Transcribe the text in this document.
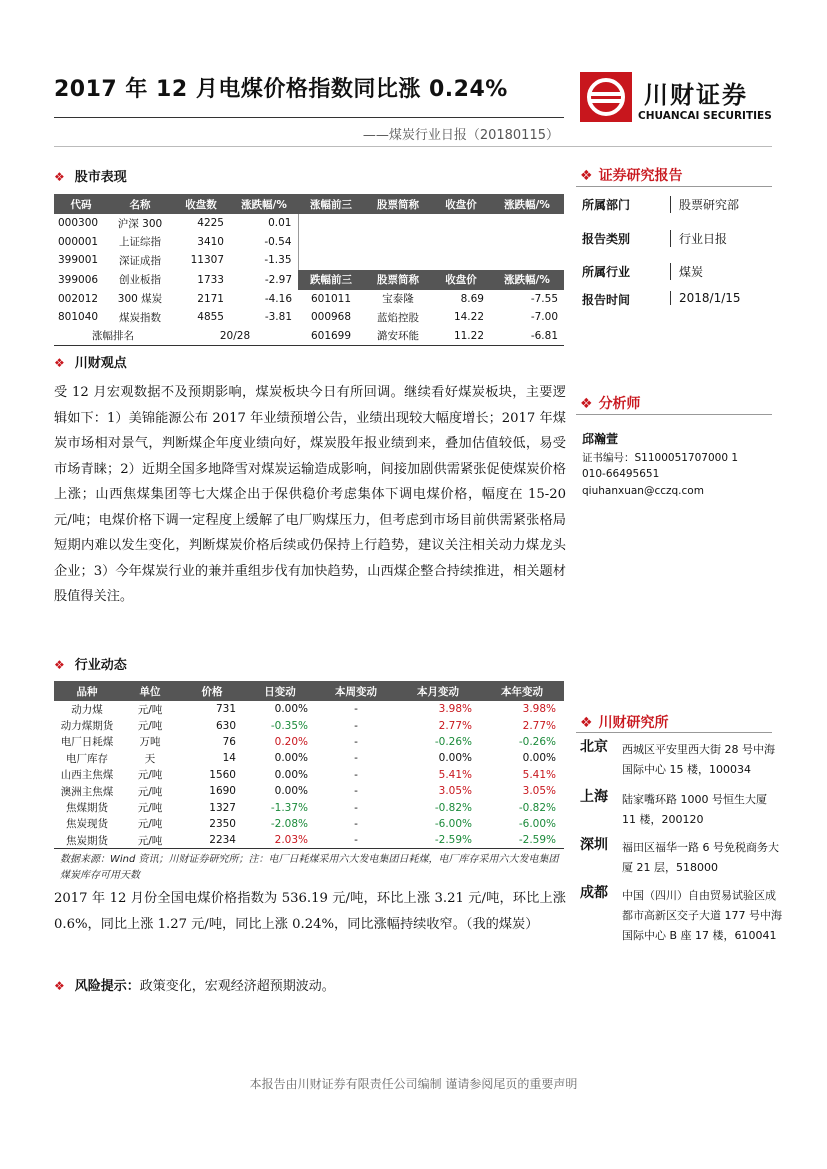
2017 年 12 月电煤价格指数同比涨 0.24%
——煤炭行业日报（20180115）
川财证券
CHUANCAI SECURITIES
❖ 股市表现
代码	名称	收盘数	涨跌幅/%	涨幅前三	股票简称	收盘价	涨跌幅/%
000300	沪深 300	4225	0.01				
000001	上证综指	3410	-0.54				
399001	深证成指	11307	-1.35				
399006	创业板指	1733	-2.97	跌幅前三	股票简称	收盘价	涨跌幅/%
002012	300 煤炭	2171	-4.16	601011	宝泰隆	8.69	-7.55
801040	煤炭指数	4855	-3.81	000968	蓝焰控股	14.22	-7.00
涨幅排名		20/28		601699	潞安环能	11.22	-6.81
❖ 川财观点
受 12 月宏观数据不及预期影响，煤炭板块今日有所回调。继续看好煤炭板块，主要逻辑如下：1）美锦能源公布 2017 年业绩预增公告，业绩出现较大幅度增长；2017 年煤炭市场相对景气，判断煤企年度业绩向好，煤炭股年报业绩到来，叠加估值较低，易受市场青睐；2）近期全国多地降雪对煤炭运输造成影响，间接加剧供需紧张促使煤炭价格上涨；山西焦煤集团等七大煤企出于保供稳价考虑集体下调电煤价格，幅度在 15-20 元/吨；电煤价格下调一定程度上缓解了电厂购煤压力，但考虑到市场目前供需紧张格局短期内难以发生变化，判断煤炭价格后续或仍保持上行趋势，建议关注相关动力煤龙头企业；3）今年煤炭行业的兼并重组步伐有加快趋势，山西煤企整合持续推进，相关题材股值得关注。
❖ 行业动态
品种	单位	价格	日变动	本周变动	本月变动	本年变动
动力煤	元/吨	731	0.00%	-	3.98%	3.98%
动力煤期货	元/吨	630	-0.35%	-	2.77%	2.77%
电厂日耗煤	万吨	76	0.20%	-	-0.26%	-0.26%
电厂库存	天	14	0.00%	-	0.00%	0.00%
山西主焦煤	元/吨	1560	0.00%	-	5.41%	5.41%
澳洲主焦煤	元/吨	1690	0.00%	-	3.05%	3.05%
焦煤期货	元/吨	1327	-1.37%	-	-0.82%	-0.82%
焦炭现货	元/吨	2350	-2.08%	-	-6.00%	-6.00%
焦炭期货	元/吨	2234	2.03%	-	-2.59%	-2.59%
数据来源：Wind 资讯；川财证券研究所；注：电厂日耗煤采用六大发电集团日耗煤，电厂库存采用六大发电集团煤炭库存可用天数
2017 年 12 月份全国电煤价格指数为 536.19 元/吨，环比上涨 3.21 元/吨，环比上涨 0.6%，同比上涨 1.27 元/吨，同比上涨 0.24%，同比涨幅持续收窄。（我的煤炭）
❖ 风险提示：政策变化，宏观经济超预期波动。
❖ 证券研究报告
所属部门	股票研究部
报告类别	行业日报
所属行业	煤炭
报告时间	2018/1/15
❖ 分析师
邱瀚萱
证书编号：S1100051707000 1
010-66495651
qiuhanxuan@cczq.com
❖ 川财研究所
北京 西城区平安里西大街 28 号中海国际中心 15 楼，100034
上海 陆家嘴环路 1000 号恒生大厦 11 楼，200120
深圳 福田区福华一路 6 号免税商务大厦 21 层，518000
成都 中国（四川）自由贸易试验区成都市高新区交子大道 177 号中海国际中心 B 座 17 楼，610041
本报告由川财证券有限责任公司编制 谨请参阅尾页的重要声明
